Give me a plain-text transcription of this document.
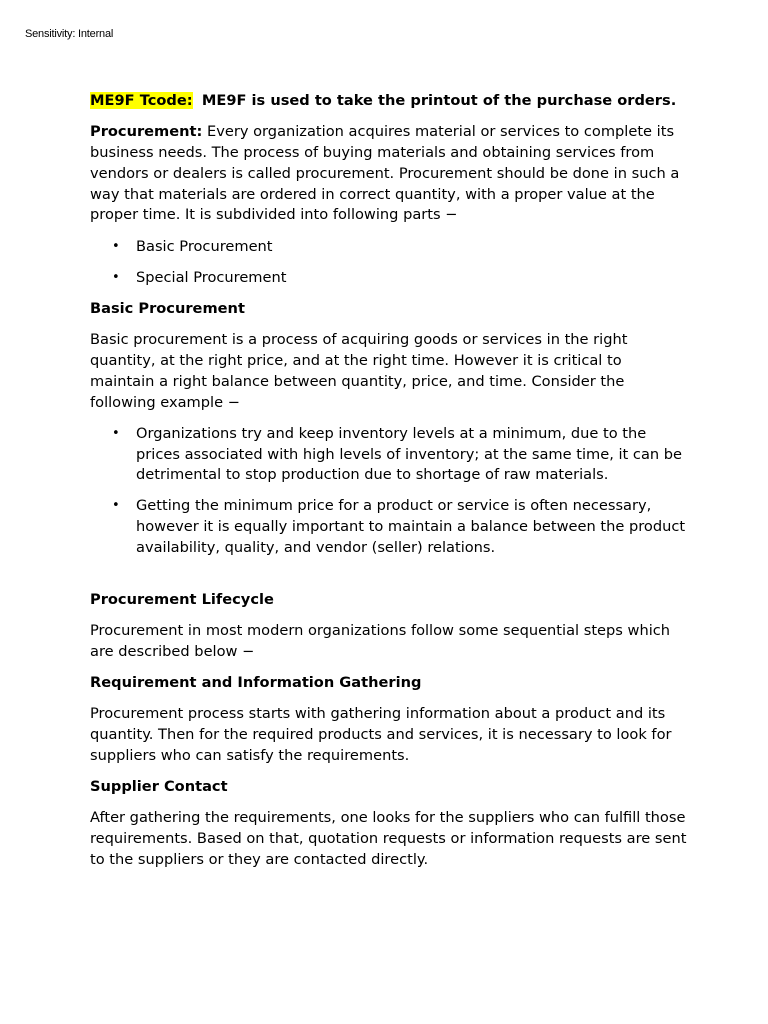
Sensitivity: Internal

ME9F Tcode: ME9F is used to take the printout of the purchase orders.

Procurement: Every organization acquires material or services to complete its business needs. The process of buying materials and obtaining services from vendors or dealers is called procurement. Procurement should be done in such a way that materials are ordered in correct quantity, with a proper value at the proper time. It is subdivided into following parts −

• Basic Procurement
• Special Procurement
Basic Procurement

Basic procurement is a process of acquiring goods or services in the right quantity, at the right price, and at the right time. However it is critical to maintain a right balance between quantity, price, and time. Consider the following example −

• Organizations try and keep inventory levels at a minimum, due to the prices associated with high levels of inventory; at the same time, it can be detrimental to stop production due to shortage of raw materials.
• Getting the minimum price for a product or service is often necessary, however it is equally important to maintain a balance between the product availability, quality, and vendor (seller) relations.
Procurement Lifecycle

Procurement in most modern organizations follow some sequential steps which are described below −

Requirement and Information Gathering

Procurement process starts with gathering information about a product and its quantity. Then for the required products and services, it is necessary to look for suppliers who can satisfy the requirements.

Supplier Contact

After gathering the requirements, one looks for the suppliers who can fulfill those requirements. Based on that, quotation requests or information requests are sent to the suppliers or they are contacted directly.
